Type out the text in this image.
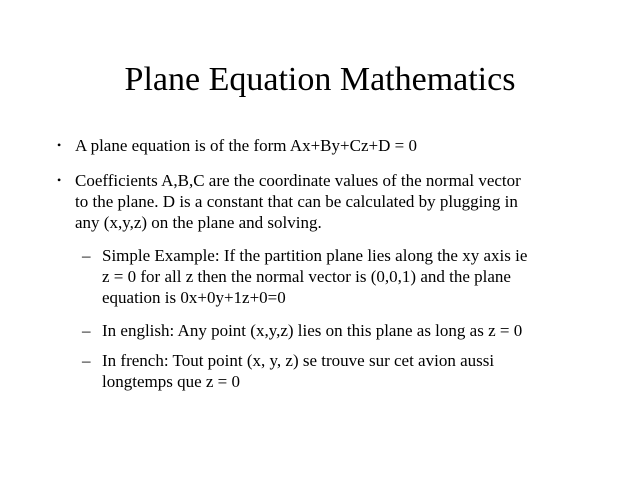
Plane Equation Mathematics
• A plane equation is of the form Ax+By+Cz+D = 0
• Coefficients A,B,C are the coordinate values of the normal vector
to the plane. D is a constant that can be calculated by plugging in
any (x,y,z) on the plane and solving.
– Simple Example: If the partition plane lies along the xy axis ie
z = 0 for all z then the normal vector is (0,0,1) and the plane
equation is 0x+0y+1z+0=0
– In english: Any point (x,y,z) lies on this plane as long as z = 0
– In french: Tout point (x, y, z) se trouve sur cet avion aussi
longtemps que z = 0
